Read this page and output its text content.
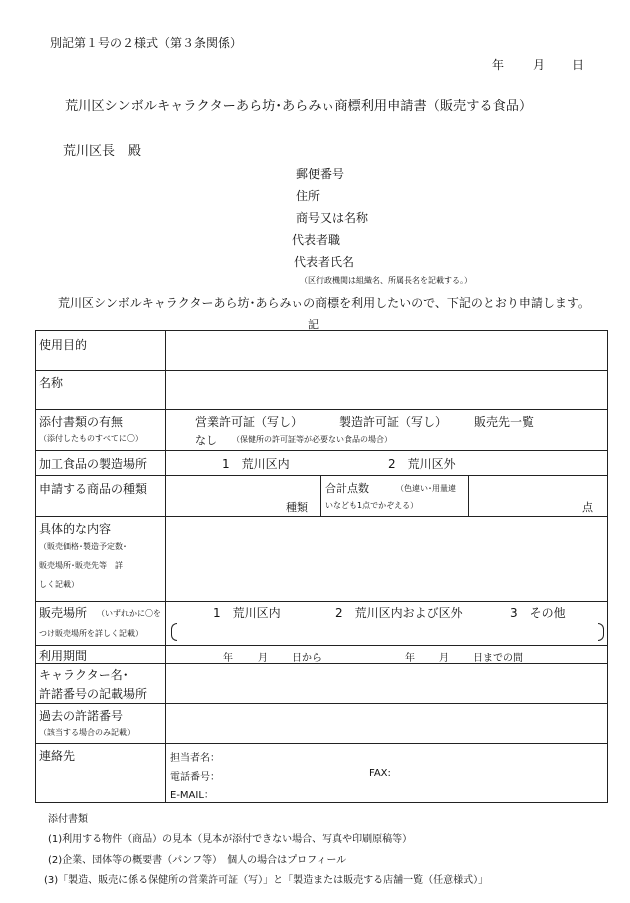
別記第１号の２様式（第３条関係）
年 月 日
荒川区シンボルキャラクターあら坊･あらみぃ商標利用申請書（販売する食品）
荒川区長　殿
郵便番号
住所
商号又は名称
代表者職
代表者氏名
（区行政機関は組織名、所属長名を記載する。）
荒川区シンボルキャラクターあら坊･あらみぃの商標を利用したいので、下記のとおり申請します。
記
使用目的
名称
添付書類の有無
（添付したものすべてに〇）
営業許可証（写し）	製造許可証（写し） 販売先一覧
なし （保健所の許可証等が必要ない食品の場合）
加工食品の製造場所	1　荒川区内	2　荒川区外
申請する商品の種類
種類
合計点数	（色違い･用量違
いなども1点でかぞえる）	点
具体的な内容
（販売価格･製造予定数･
販売場所･販売先等　詳
しく記載）
販売場所 （いずれかに〇を
つけ販売場所を詳しく記載）
1　荒川区内	2　荒川区内および区外	3　その他
利用期間	年	月 日から	年 月 日までの間
キャラクター名･
許諾番号の記載場所
過去の許諾番号
（該当する場合のみ記載）
連絡先	担当者名：
電話番号：	FAX:
E-MAIL：
添付書類
(1)利用する物件（商品）の見本（見本が添付できない場合、写真や印刷原稿等）
(2)企業、団体等の概要書（パンフ等）　個人の場合はプロフィール
(3)「製造、販売に係る保健所の営業許可証（写）」と「製造または販売する店舗一覧（任意様式）」
